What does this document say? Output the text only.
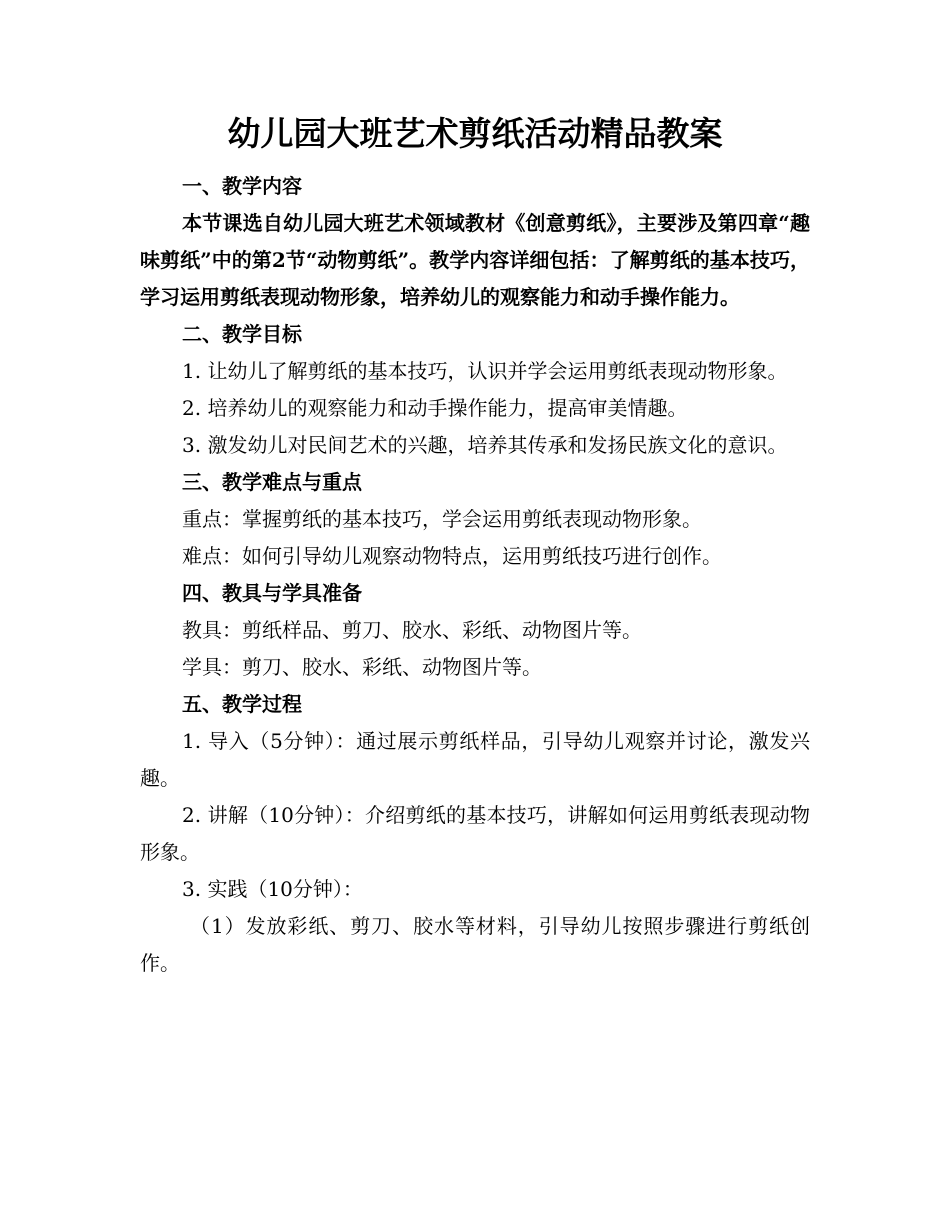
幼儿园大班艺术剪纸活动精品教案

一、教学内容

本节课选自幼儿园大班艺术领域教材《创意剪纸》，主要涉及第四章“趣味剪纸”中的第2节“动物剪纸”。教学内容详细包括：了解剪纸的基本技巧，学习运用剪纸表现动物形象，培养幼儿的观察能力和动手操作能力。

二、教学目标

1. 让幼儿了解剪纸的基本技巧，认识并学会运用剪纸表现动物形象。

2. 培养幼儿的观察能力和动手操作能力，提高审美情趣。

3. 激发幼儿对民间艺术的兴趣，培养其传承和发扬民族文化的意识。

三、教学难点与重点

重点：掌握剪纸的基本技巧，学会运用剪纸表现动物形象。

难点：如何引导幼儿观察动物特点，运用剪纸技巧进行创作。

四、教具与学具准备

教具：剪纸样品、剪刀、胶水、彩纸、动物图片等。

学具：剪刀、胶水、彩纸、动物图片等。

五、教学过程

1. 导入（5分钟）：通过展示剪纸样品，引导幼儿观察并讨论，激发兴趣。

2. 讲解（10分钟）：介绍剪纸的基本技巧，讲解如何运用剪纸表现动物形象。

3. 实践（10分钟）：

（1）发放彩纸、剪刀、胶水等材料，引导幼儿按照步骤进行剪纸创作。
